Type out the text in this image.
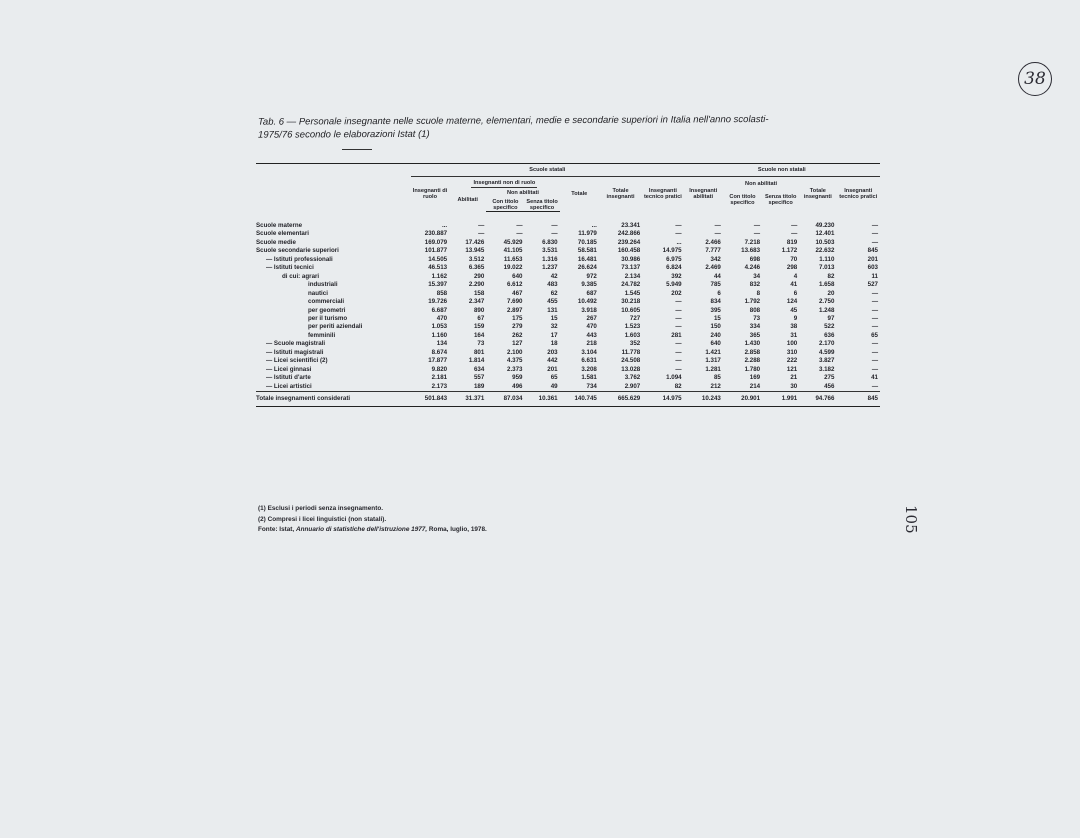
38
105
Tab. 6 — Personale insegnante nelle scuole materne, elementari, medie e secondarie superiori in Italia nell'anno scolasti-
1975/76 secondo le elaborazioni Istat (1)
	Scuole statali							Scuole non statali				
	Insegnanti di ruolo	Insegnanti non di ruolo			Totale	Totale insegnanti	Insegnanti tecnico pratici	Insegnanti abilitati	Non abilitati		Totale insegnanti	Insegnanti tecnico pratici
		Abilitati	Non abilitati						Con titolo specifico	Senza titolo specifico		
			Con titolo specifico	Senza titolo specifico								

Scuole materne	...	—	—	—	...	23.341	—	—	—	—	49.230	—
Scuole elementari	230.887	—	—	—	11.979	242.866	—	—	—	—	12.401	—
Scuole medie	169.079	17.426	45.929	6.830	70.185	239.264	...	2.466	7.218	819	10.503	—
Scuole secondarie superiori	101.877	13.945	41.105	3.531	58.581	160.458	14.975	7.777	13.683	1.172	22.632	845
— Istituti professionali	14.505	3.512	11.653	1.316	16.481	30.986	6.975	342	698	70	1.110	201
— Istituti tecnici	46.513	6.365	19.022	1.237	26.624	73.137	6.824	2.469	4.246	298	7.013	603
di cui: agrari	1.162	290	640	42	972	2.134	392	44	34	4	82	11
industriali	15.397	2.290	6.612	483	9.385	24.782	5.949	785	832	41	1.658	527
nautici	858	158	467	62	687	1.545	202	6	8	6	20	—
commerciali	19.726	2.347	7.690	455	10.492	30.218	—	834	1.792	124	2.750	—
per geometri	6.687	890	2.897	131	3.918	10.605	—	395	808	45	1.248	—
per il turismo	470	67	175	15	267	727	—	15	73	9	97	—
per periti aziendali	1.053	159	279	32	470	1.523	—	150	334	38	522	—
femminili	1.160	164	262	17	443	1.603	281	240	365	31	636	65
— Scuole magistrali	134	73	127	18	218	352	—	640	1.430	100	2.170	—
— Istituti magistrali	8.674	801	2.100	203	3.104	11.778	—	1.421	2.858	310	4.599	—
— Licei scientifici (2)	17.877	1.814	4.375	442	6.631	24.508	—	1.317	2.288	222	3.827	—
— Licei ginnasi	9.820	634	2.373	201	3.208	13.028	—	1.281	1.780	121	3.182	—
— Istituti d'arte	2.181	557	959	65	1.581	3.762	1.094	85	169	21	275	41
— Licei artistici	2.173	189	496	49	734	2.907	82	212	214	30	456	—
Totale insegnamenti considerati	501.843	31.371	87.034	10.361	140.745	665.629	14.975	10.243	20.901	1.991	94.766	845
(1) Esclusi i periodi senza insegnamento.
(2) Compresi i licei linguistici (non statali).
Fonte: Istat, Annuario di statistiche dell'istruzione 1977, Roma, luglio, 1978.
